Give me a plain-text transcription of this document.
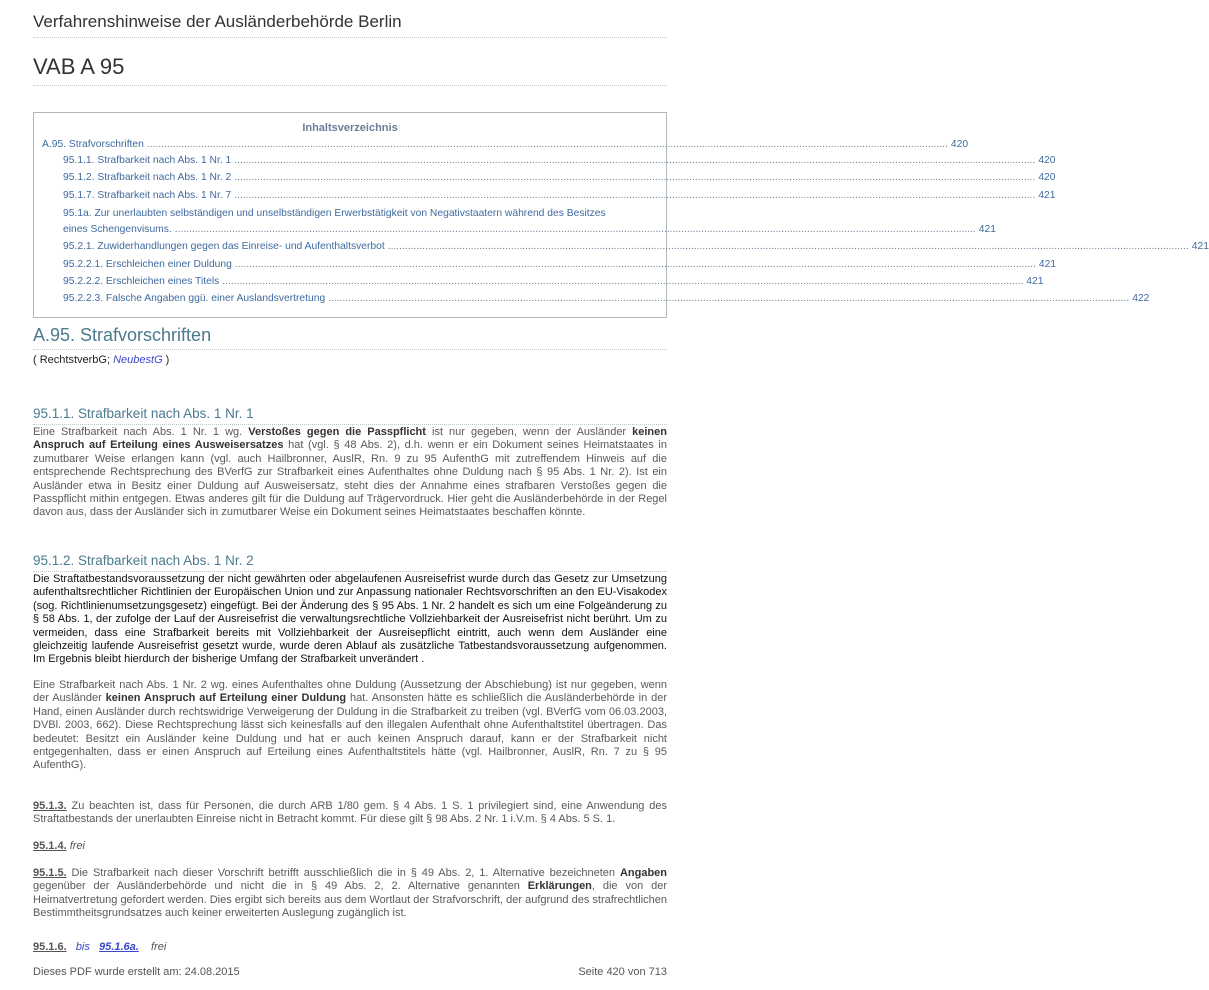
Verfahrenshinweise der Ausländerbehörde Berlin
VAB A 95
Inhaltsverzeichnis
A.95. Strafvorschriften ........................................................................................................................................................................................................................................................................................ 420
95.1.1. Strafbarkeit nach Abs. 1 Nr. 1 ........................................................................................................................................................................................................................................................................................ 420
95.1.2. Strafbarkeit nach Abs. 1 Nr. 2 ........................................................................................................................................................................................................................................................................................ 420
95.1.7. Strafbarkeit nach Abs. 1 Nr. 7 ........................................................................................................................................................................................................................................................................................ 421
95.1a. Zur unerlaubten selbständigen und unselbständigen Erwerbstätigkeit von Negativstaatern während des Besitzes
eines Schengenvisums. ........................................................................................................................................................................................................................................................................................ 421
95.2.1. Zuwiderhandlungen gegen das Einreise- und Aufenthaltsverbot ........................................................................................................................................................................................................................................................................................ 421
95.2.2.1. Erschleichen einer Duldung ........................................................................................................................................................................................................................................................................................ 421
95.2.2.2. Erschleichen eines Titels ........................................................................................................................................................................................................................................................................................ 421
95.2.2.3. Falsche Angaben ggü. einer Auslandsvertretung ........................................................................................................................................................................................................................................................................................ 422
A.95. Strafvorschriften
( RechtstverbG; NeubestG )
95.1.1. Strafbarkeit nach Abs. 1 Nr. 1
Eine Strafbarkeit nach Abs. 1 Nr. 1 wg. Verstoßes gegen die Passpflicht ist nur gegeben, wenn der Ausländer keinen Anspruch auf Erteilung eines Ausweisersatzes hat (vgl. § 48 Abs. 2), d.h. wenn er ein Dokument seines Heimatstaates in zumutbarer Weise erlangen kann (vgl. auch Hailbronner, AuslR, Rn. 9 zu 95 AufenthG mit zutreffendem Hinweis auf die entsprechende Rechtsprechung des BVerfG zur Strafbarkeit eines Aufenthaltes ohne Duldung nach § 95 Abs. 1 Nr. 2). Ist ein Ausländer etwa in Besitz einer Duldung auf Ausweisersatz, steht dies der Annahme eines strafbaren Verstoßes gegen die Passpflicht mithin entgegen. Etwas anderes gilt für die Duldung auf Trägervordruck. Hier geht die Ausländerbehörde in der Regel davon aus, dass der Ausländer sich in zumutbarer Weise ein Dokument seines Heimatstaates beschaffen könnte.
95.1.2. Strafbarkeit nach Abs. 1 Nr. 2
Die Straftatbestandsvoraussetzung der nicht gewährten oder abgelaufenen Ausreisefrist wurde durch das Gesetz zur Umsetzung aufenthaltsrechtlicher Richtlinien der Europäischen Union und zur Anpassung nationaler Rechtsvorschriften an den EU-Visakodex (sog. Richtlinienumsetzungsgesetz) eingefügt. Bei der Änderung des § 95 Abs. 1 Nr. 2 handelt es sich um eine Folgeänderung zu § 58 Abs. 1, der zufolge der Lauf der Ausreisefrist die verwaltungsrechtliche Vollziehbarkeit der Ausreisefrist nicht berührt. Um zu vermeiden, dass eine Strafbarkeit bereits mit Vollziehbarkeit der Ausreisepflicht eintritt, auch wenn dem Ausländer eine gleichzeitig laufende Ausreisefrist gesetzt wurde, wurde deren Ablauf als zusätzliche Tatbestandsvoraussetzung aufgenommen. Im Ergebnis bleibt hierdurch der bisherige Umfang der Strafbarkeit unverändert .
Eine Strafbarkeit nach Abs. 1 Nr. 2 wg. eines Aufenthaltes ohne Duldung (Aussetzung der Abschiebung) ist nur gegeben, wenn der Ausländer keinen Anspruch auf Erteilung einer Duldung hat. Ansonsten hätte es schließlich die Ausländerbehörde in der Hand, einen Ausländer durch rechtswidrige Verweigerung der Duldung in die Strafbarkeit zu treiben (vgl. BVerfG vom 06.03.2003, DVBl. 2003, 662). Diese Rechtsprechung lässt sich keinesfalls auf den illegalen Aufenthalt ohne Aufenthaltstitel übertragen. Das bedeutet: Besitzt ein Ausländer keine Duldung und hat er auch keinen Anspruch darauf, kann er der Strafbarkeit nicht entgegenhalten, dass er einen Anspruch auf Erteilung eines Aufenthaltstitels hätte (vgl. Hailbronner, AuslR, Rn. 7 zu § 95 AufenthG).
95.1.3. Zu beachten ist, dass für Personen, die durch ARB 1/80 gem. § 4 Abs. 1 S. 1 privilegiert sind, eine Anwendung des Straftatbestands der unerlaubten Einreise nicht in Betracht kommt. Für diese gilt § 98 Abs. 2 Nr. 1 i.V.m. § 4 Abs. 5 S. 1.
95.1.4. frei
95.1.5. Die Strafbarkeit nach dieser Vorschrift betrifft ausschließlich die in § 49 Abs. 2, 1. Alternative bezeichneten Angaben gegenüber der Ausländerbehörde und nicht die in § 49 Abs. 2, 2. Alternative genannten Erklärungen, die von der Heimatvertretung gefordert werden. Dies ergibt sich bereits aus dem Wortlaut der Strafvorschrift, der aufgrund des strafrechtlichen Bestimmtheitsgrundsatzes auch keiner erweiterten Auslegung zugänglich ist.
95.1.6. bis 95.1.6a. frei
Dieses PDF wurde erstellt am: 24.08.2015	Seite 420 von 713
